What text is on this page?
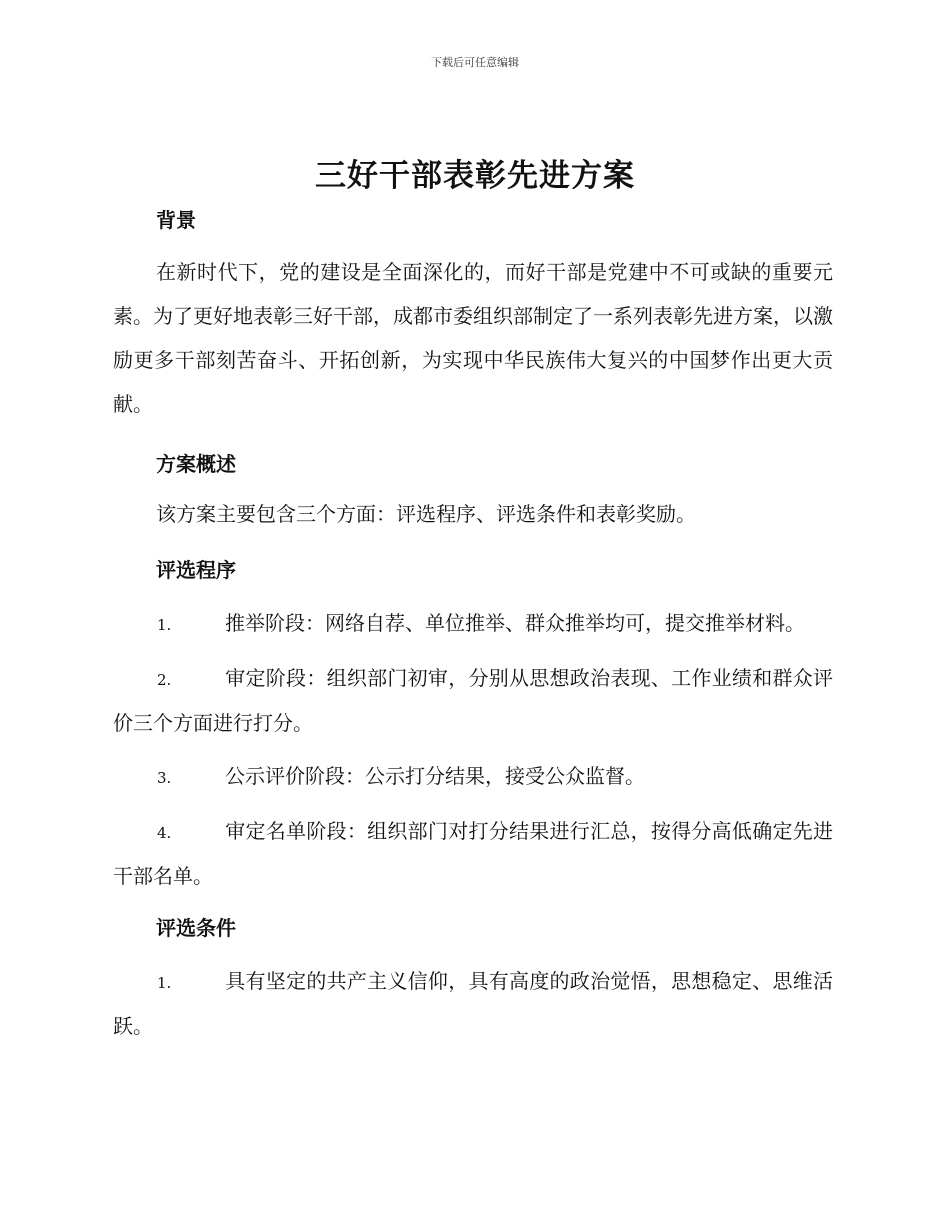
下载后可任意编辑
三好干部表彰先进方案
背景
在新时代下，党的建设是全面深化的，而好干部是党建中不可或缺的重要元素。为了更好地表彰三好干部，成都市委组织部制定了一系列表彰先进方案，以激励更多干部刻苦奋斗、开拓创新，为实现中华民族伟大复兴的中国梦作出更大贡献。
方案概述
该方案主要包含三个方面：评选程序、评选条件和表彰奖励。
评选程序
1.	推举阶段：网络自荐、单位推举、群众推举均可，提交推举材料。
2.	审定阶段：组织部门初审，分别从思想政治表现、工作业绩和群众评价三个方面进行打分。
3.	公示评价阶段：公示打分结果，接受公众监督。
4.	审定名单阶段：组织部门对打分结果进行汇总，按得分高低确定先进干部名单。
评选条件
1.	具有坚定的共产主义信仰，具有高度的政治觉悟，思想稳定、思维活跃。
